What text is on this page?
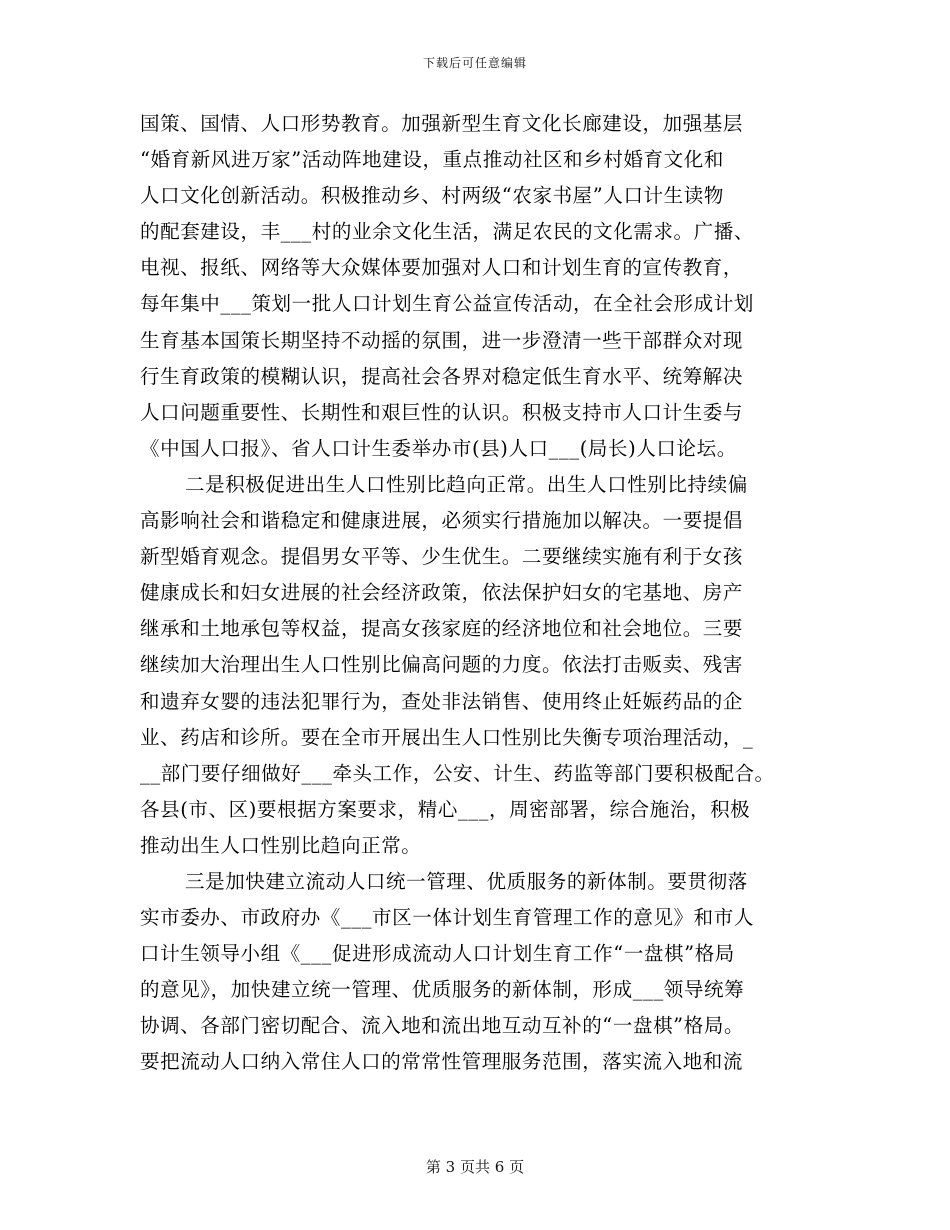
下载后可任意编辑
国策、国情、人口形势教育。加强新型生育文化长廊建设，加强基层
“婚育新风进万家”活动阵地建设，重点推动社区和乡村婚育文化和
人口文化创新活动。积极推动乡、村两级“农家书屋”人口计生读物
的配套建设，丰___村的业余文化生活，满足农民的文化需求。广播、
电视、报纸、网络等大众媒体要加强对人口和计划生育的宣传教育，
每年集中___策划一批人口计划生育公益宣传活动，在全社会形成计划
生育基本国策长期坚持不动摇的氛围，进一步澄清一些干部群众对现
行生育政策的模糊认识，提高社会各界对稳定低生育水平、统筹解决
人口问题重要性、长期性和艰巨性的认识。积极支持市人口计生委与
《中国人口报》、省人口计生委举办市(县)人口___(局长)人口论坛。
二是积极促进出生人口性别比趋向正常。出生人口性别比持续偏
高影响社会和谐稳定和健康进展，必须实行措施加以解决。一要提倡
新型婚育观念。提倡男女平等、少生优生。二要继续实施有利于女孩
健康成长和妇女进展的社会经济政策，依法保护妇女的宅基地、房产
继承和土地承包等权益，提高女孩家庭的经济地位和社会地位。三要
继续加大治理出生人口性别比偏高问题的力度。依法打击贩卖、残害
和遗弃女婴的违法犯罪行为，查处非法销售、使用终止妊娠药品的企
业、药店和诊所。要在全市开展出生人口性别比失衡专项治理活动，_
__部门要仔细做好___牵头工作，公安、计生、药监等部门要积极配合。
各县(市、区)要根据方案要求，精心___，周密部署，综合施治，积极
推动出生人口性别比趋向正常。
三是加快建立流动人口统一管理、优质服务的新体制。要贯彻落
实市委办、市政府办《___市区一体计划生育管理工作的意见》和市人
口计生领导小组《___促进形成流动人口计划生育工作“一盘棋”格局
的意见》，加快建立统一管理、优质服务的新体制，形成___领导统筹
协调、各部门密切配合、流入地和流出地互动互补的“一盘棋”格局。
要把流动人口纳入常住人口的常常性管理服务范围，落实流入地和流
第 3 页共 6 页
